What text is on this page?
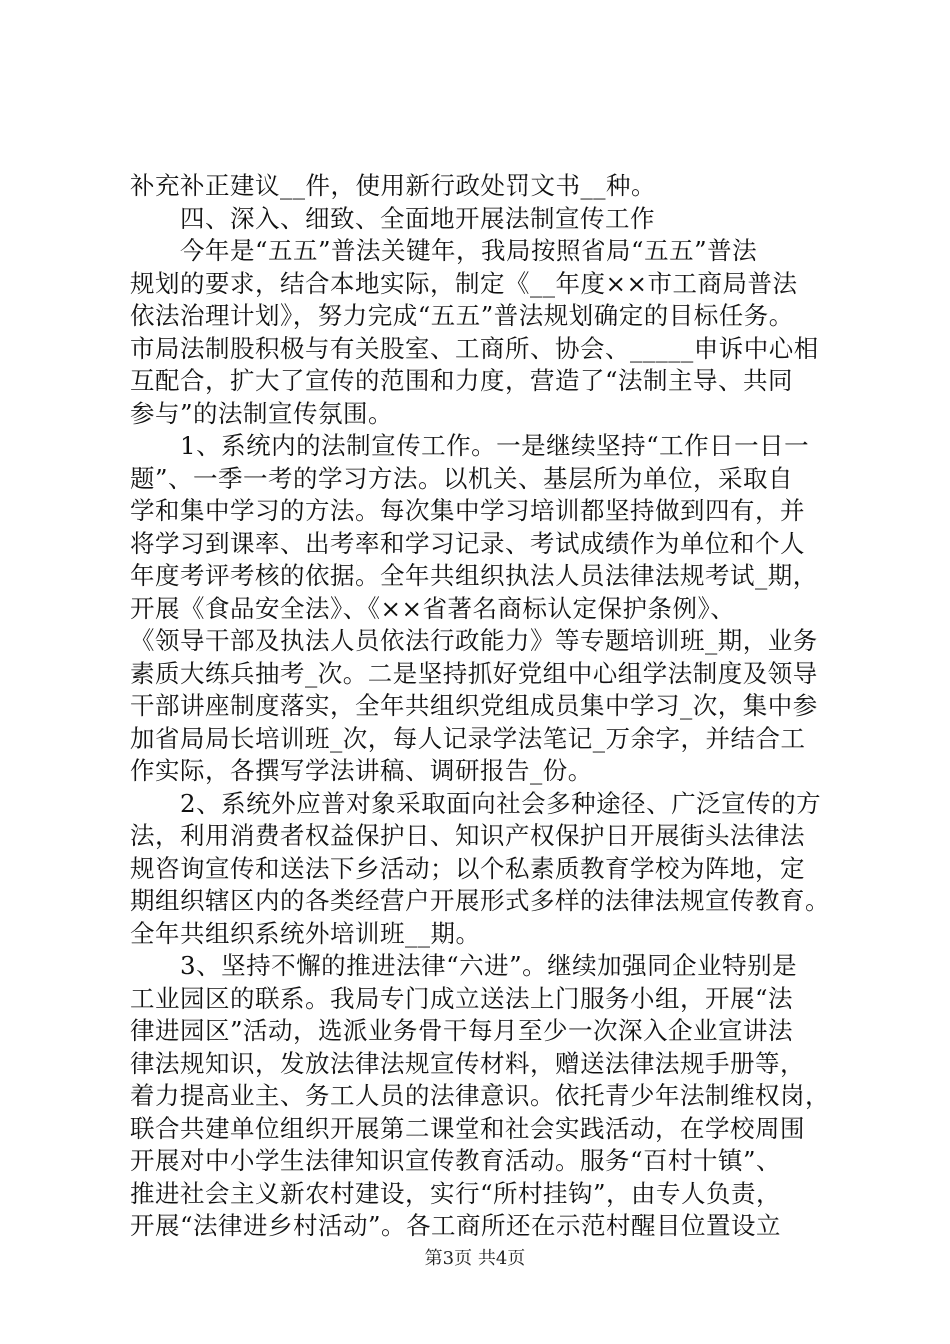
补充补正建议__件，使用新行政处罚文书__种。
四、深入、细致、全面地开展法制宣传工作
今年是“五五”普法关键年，我局按照省局“五五”普法
规划的要求，结合本地实际，制定《__年度××市工商局普法
依法治理计划》，努力完成“五五”普法规划确定的目标任务。
市局法制股积极与有关股室、工商所、协会、_____申诉中心相
互配合，扩大了宣传的范围和力度，营造了“法制主导、共同
参与”的法制宣传氛围。
1、系统内的法制宣传工作。一是继续坚持“工作日一日一
题”、一季一考的学习方法。以机关、基层所为单位，采取自
学和集中学习的方法。每次集中学习培训都坚持做到四有，并
将学习到课率、出考率和学习记录、考试成绩作为单位和个人
年度考评考核的依据。全年共组织执法人员法律法规考试_期，
开展《食品安全法》、《××省著名商标认定保护条例》、
《领导干部及执法人员依法行政能力》等专题培训班_期，业务
素质大练兵抽考_次。二是坚持抓好党组中心组学法制度及领导
干部讲座制度落实，全年共组织党组成员集中学习_次，集中参
加省局局长培训班_次，每人记录学法笔记_万余字，并结合工
作实际，各撰写学法讲稿、调研报告_份。
2、系统外应普对象采取面向社会多种途径、广泛宣传的方
法，利用消费者权益保护日、知识产权保护日开展街头法律法
规咨询宣传和送法下乡活动；以个私素质教育学校为阵地，定
期组织辖区内的各类经营户开展形式多样的法律法规宣传教育。
全年共组织系统外培训班__期。
3、坚持不懈的推进法律“六进”。继续加强同企业特别是
工业园区的联系。我局专门成立送法上门服务小组，开展“法
律进园区”活动，选派业务骨干每月至少一次深入企业宣讲法
律法规知识，发放法律法规宣传材料，赠送法律法规手册等，
着力提高业主、务工人员的法律意识。依托青少年法制维权岗，
联合共建单位组织开展第二课堂和社会实践活动，在学校周围
开展对中小学生法律知识宣传教育活动。服务“百村十镇”、
推进社会主义新农村建设，实行“所村挂钩”，由专人负责，
开展“法律进乡村活动”。各工商所还在示范村醒目位置设立
第3页 共4页
